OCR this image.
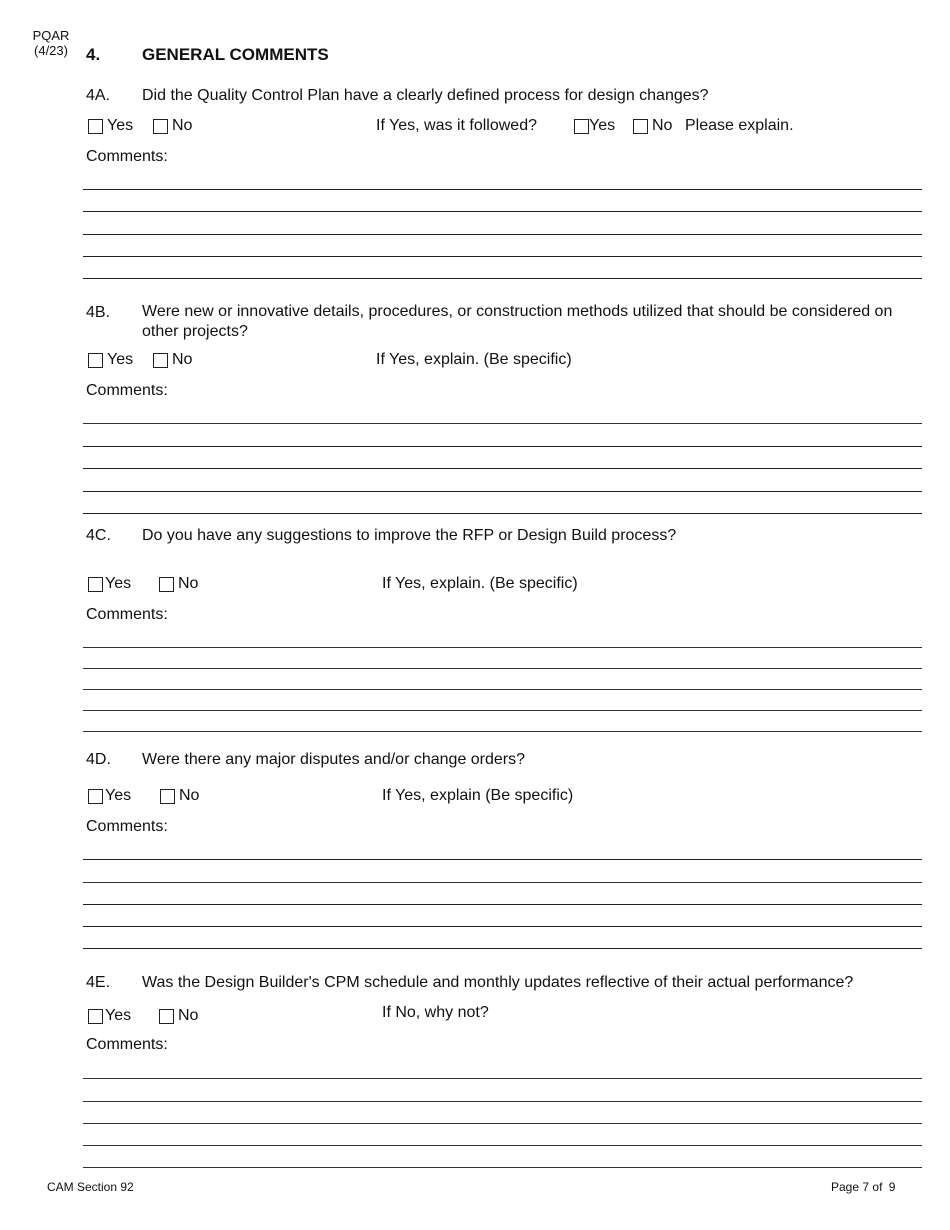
PQAR
(4/23)	4. GENERAL COMMENTS
4A. Did the Quality Control Plan have a clearly defined process for design changes?
Yes No	If Yes, was it followed?	Yes No Please explain.
Comments:
4B. Were new or innovative details, procedures, or construction methods utilized that should be considered on other projects?
Yes No	If Yes, explain. (Be specific)
Comments:
4C. Do you have any suggestions to improve the RFP or Design Build process?
Yes	No	If Yes, explain. (Be specific)
Comments:
4D. Were there any major disputes and/or change orders?
Yes	No	If Yes, explain (Be specific)
Comments:
4E. Was the Design Builder's CPM schedule and monthly updates reflective of their actual performance?
Yes	No	If No, why not?
Comments:
CAM Section 92	Page 7 of 9
